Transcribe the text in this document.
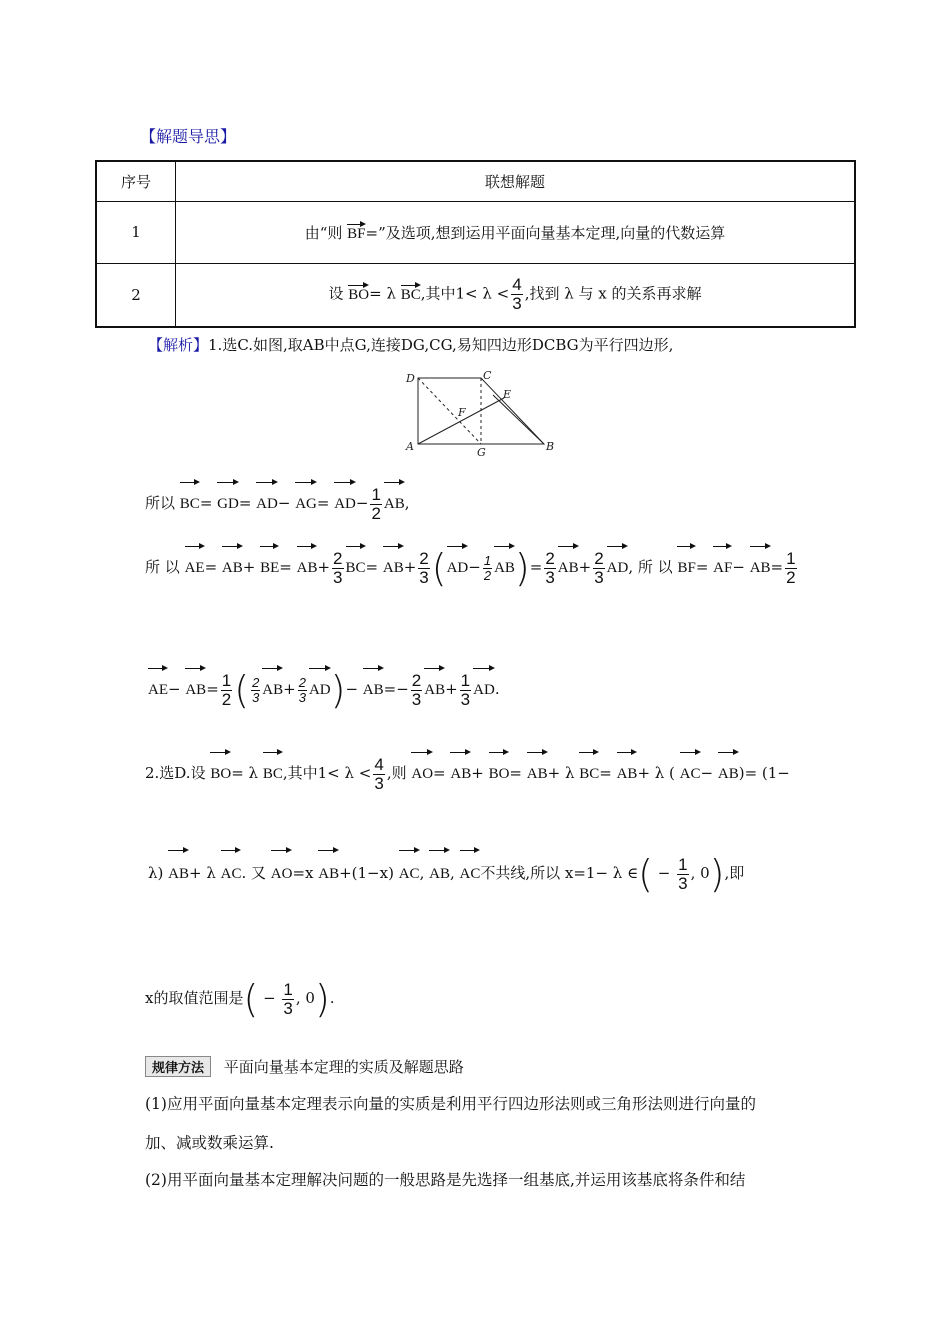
【解题导思】
序号	联想解题
1	由“则 BF=”及选项,想到运用平面向量基本定理,向量的代数运算
2	设 BO= λ BC,其中$1< \lambda < \frac{4}{3}$ ,找到 λ 与 x 的关系再求解
【解析】1.选C.如图,取AB中点G,连接DG,CG,易知四边形DCBG为平行四边形,
D	C
E
F
A	G	B
所以 $BC= GD= AD- AG= AD- \frac{1}{2}$ AB,
所 以 $AE= AB+ BE= AB+ \frac{2}{3} BC= AB+ \frac{2}{3} (AD- \frac{1}{2} AB)= \frac{2}{3} AB+ \frac{2}{3}$ AD, 所 以 $BF= AF- AB= \frac{1}{2}$
$AE- AB= \frac{1}{2}$ ( $\frac{2}{3} AB+ \frac{2}{3} AD)- AB=- \frac{2}{3} AB+ \frac{1}{3}$ AD.
2.选D.设 BO= λ BC,其中$1< \lambda < \frac{4}{3}$ ,则 AO= AB+ BO= AB+ λ BC= AB+ λ ( AC− AB)= (1−
λ) AB+ λ AC. 又 AO=x AB+(1−x) AC, AB, AC不共线,所以 x=1− λ ∈( − $\frac{1}{3}$ , 0),即
x的取值范围是( − $\frac{1}{3}$ , 0).
规律方法 平面向量基本定理的实质及解题思路
(1)应用平面向量基本定理表示向量的实质是利用平行四边形法则或三角形法则进行向量的
加、减或数乘运算.
(2)用平面向量基本定理解决问题的一般思路是先选择一组基底,并运用该基底将条件和结
